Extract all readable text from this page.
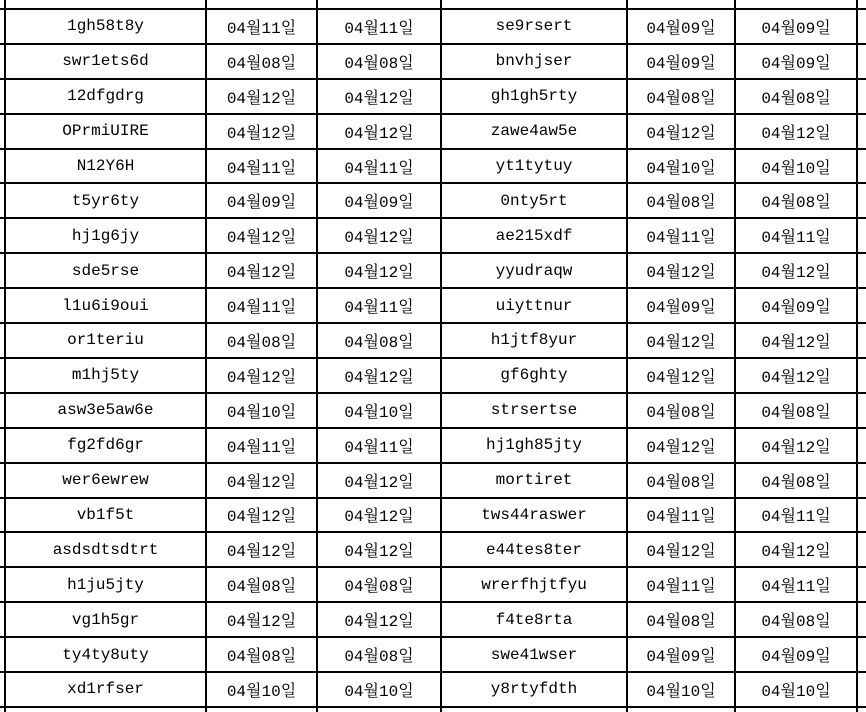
	1gh58t8y	04월11일	04월11일	se9rsert	04월09일	04월09일	
	swr1ets6d	04월08일	04월08일	bnvhjser	04월09일	04월09일	
	12dfgdrg	04월12일	04월12일	gh1gh5rty	04월08일	04월08일	
	OPrmiUIRE	04월12일	04월12일	zawe4aw5e	04월12일	04월12일	
	N12Y6H	04월11일	04월11일	yt1tytuy	04월10일	04월10일	
	t5yr6ty	04월09일	04월09일	0nty5rt	04월08일	04월08일	
	hj1g6jy	04월12일	04월12일	ae215xdf	04월11일	04월11일	
	sde5rse	04월12일	04월12일	yyudraqw	04월12일	04월12일	
	l1u6i9oui	04월11일	04월11일	uiyttnur	04월09일	04월09일	
	or1teriu	04월08일	04월08일	h1jtf8yur	04월12일	04월12일	
	m1hj5ty	04월12일	04월12일	gf6ghty	04월12일	04월12일	
	asw3e5aw6e	04월10일	04월10일	strsertse	04월08일	04월08일	
	fg2fd6gr	04월11일	04월11일	hj1gh85jty	04월12일	04월12일	
	wer6ewrew	04월12일	04월12일	mortiret	04월08일	04월08일	
	vb1f5t	04월12일	04월12일	tws44raswer	04월11일	04월11일	
	asdsdtsdtrt	04월12일	04월12일	e44tes8ter	04월12일	04월12일	
	h1ju5jty	04월08일	04월08일	wrerfhjtfyu	04월11일	04월11일	
	vg1h5gr	04월12일	04월12일	f4te8rta	04월08일	04월08일	
	ty4ty8uty	04월08일	04월08일	swe41wser	04월09일	04월09일	
	xd1rfser	04월10일	04월10일	y8rtyfdth	04월10일	04월10일	
